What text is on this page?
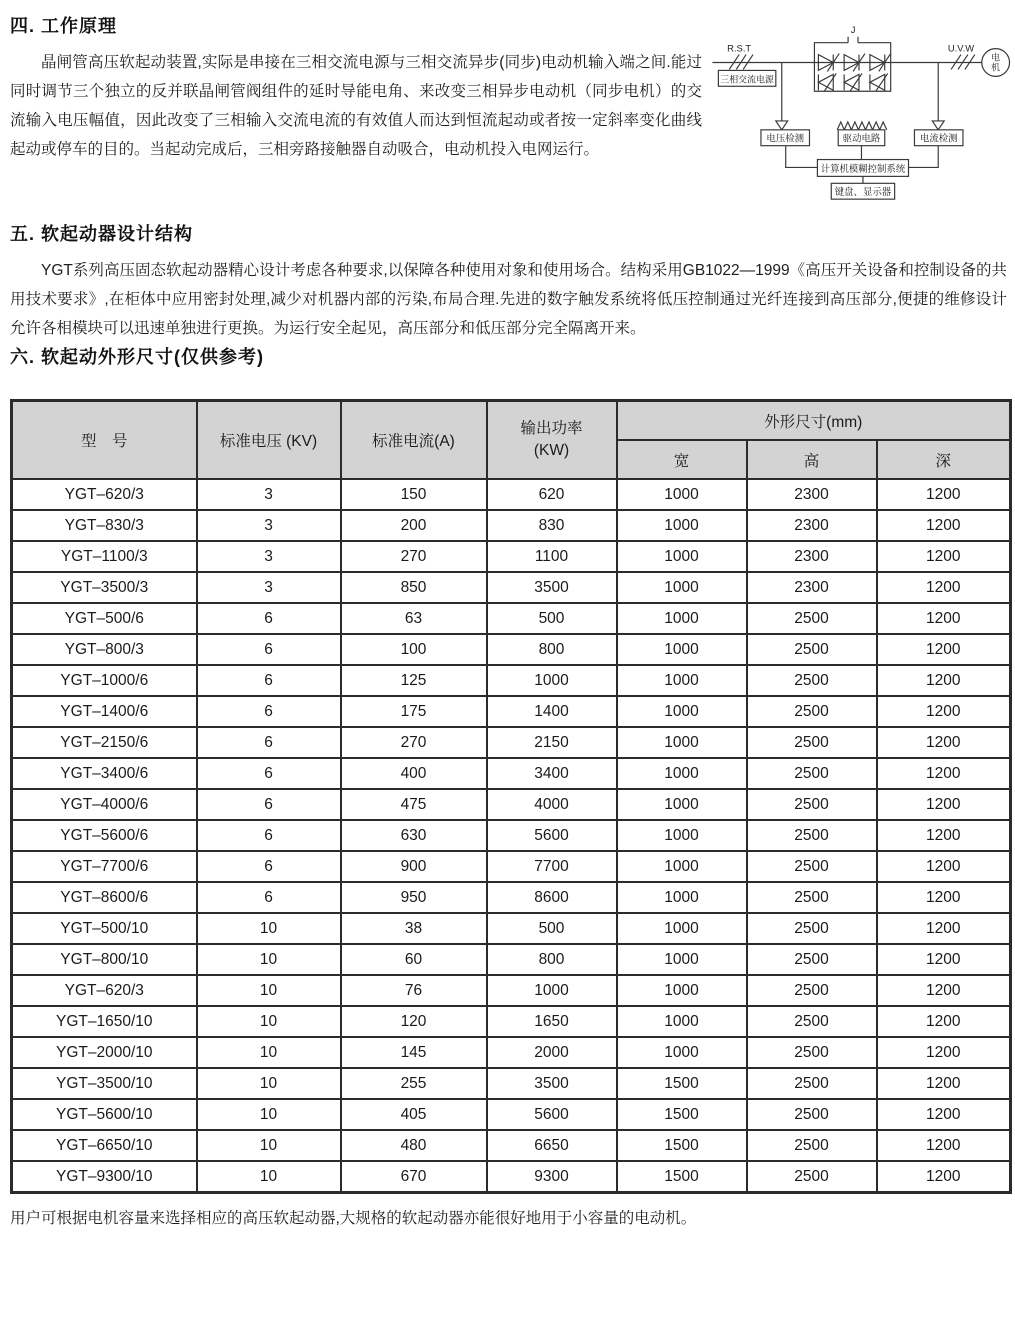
四. 工作原理

晶闸管高压软起动装置,实际是串接在三相交流电源与三相交流异步(同步)电动机输入端之间.能过同时调节三个独立的反并联晶闸管阀组件的延时导能电角、来改变三相异步电动机（同步电机）的交流输入电压幅值，因此改变了三相输入交流电流的有效值人而达到恒流起动或者按一定斜率变化曲线起动或停车的目的。当起动完成后，三相旁路接触器自动吸合，电动机投入电网运行。

R.S.T
三相交流电源
J
U.V.W
电
机
电压检测	驱动电路	电流检测
计算机模糊控制系统
键盘、显示器
五. 软起动器设计结构

YGT系列高压固态软起动器精心设计考虑各种要求,以保障各种使用对象和使用场合。结构采用GB1022—1999《高压开关设备和控制设备的共用技术要求》,在柜体中应用密封处理,减少对机器内部的污染,布局合理.先进的数字触发系统将低压控制通过光纤连接到高压部分,便捷的维修设计允许各相模块可以迅速单独进行更换。为运行安全起见，高压部分和低压部分完全隔离开来。

六. 软起动外形尺寸(仅供参考)
型　号	标准电压 (KV)	标准电流(A)	输出功率
(KW)	外形尺寸(mm)		
				宽	高	深
YGT–620/3	3	150	620	1000	2300	1200
YGT–830/3	3	200	830	1000	2300	1200
YGT–1100/3	3	270	1100	1000	2300	1200
YGT–3500/3	3	850	3500	1000	2300	1200
YGT–500/6	6	63	500	1000	2500	1200
YGT–800/3	6	100	800	1000	2500	1200
YGT–1000/6	6	125	1000	1000	2500	1200
YGT–1400/6	6	175	1400	1000	2500	1200
YGT–2150/6	6	270	2150	1000	2500	1200
YGT–3400/6	6	400	3400	1000	2500	1200
YGT–4000/6	6	475	4000	1000	2500	1200
YGT–5600/6	6	630	5600	1000	2500	1200
YGT–7700/6	6	900	7700	1000	2500	1200
YGT–8600/6	6	950	8600	1000	2500	1200
YGT–500/10	10	38	500	1000	2500	1200
YGT–800/10	10	60	800	1000	2500	1200
YGT–620/3	10	76	1000	1000	2500	1200
YGT–1650/10	10	120	1650	1000	2500	1200
YGT–2000/10	10	145	2000	1000	2500	1200
YGT–3500/10	10	255	3500	1500	2500	1200
YGT–5600/10	10	405	5600	1500	2500	1200
YGT–6650/10	10	480	6650	1500	2500	1200
YGT–9300/10	10	670	9300	1500	2500	1200

用户可根据电机容量来选择相应的高压软起动器,大规格的软起动器亦能很好地用于小容量的电动机。
